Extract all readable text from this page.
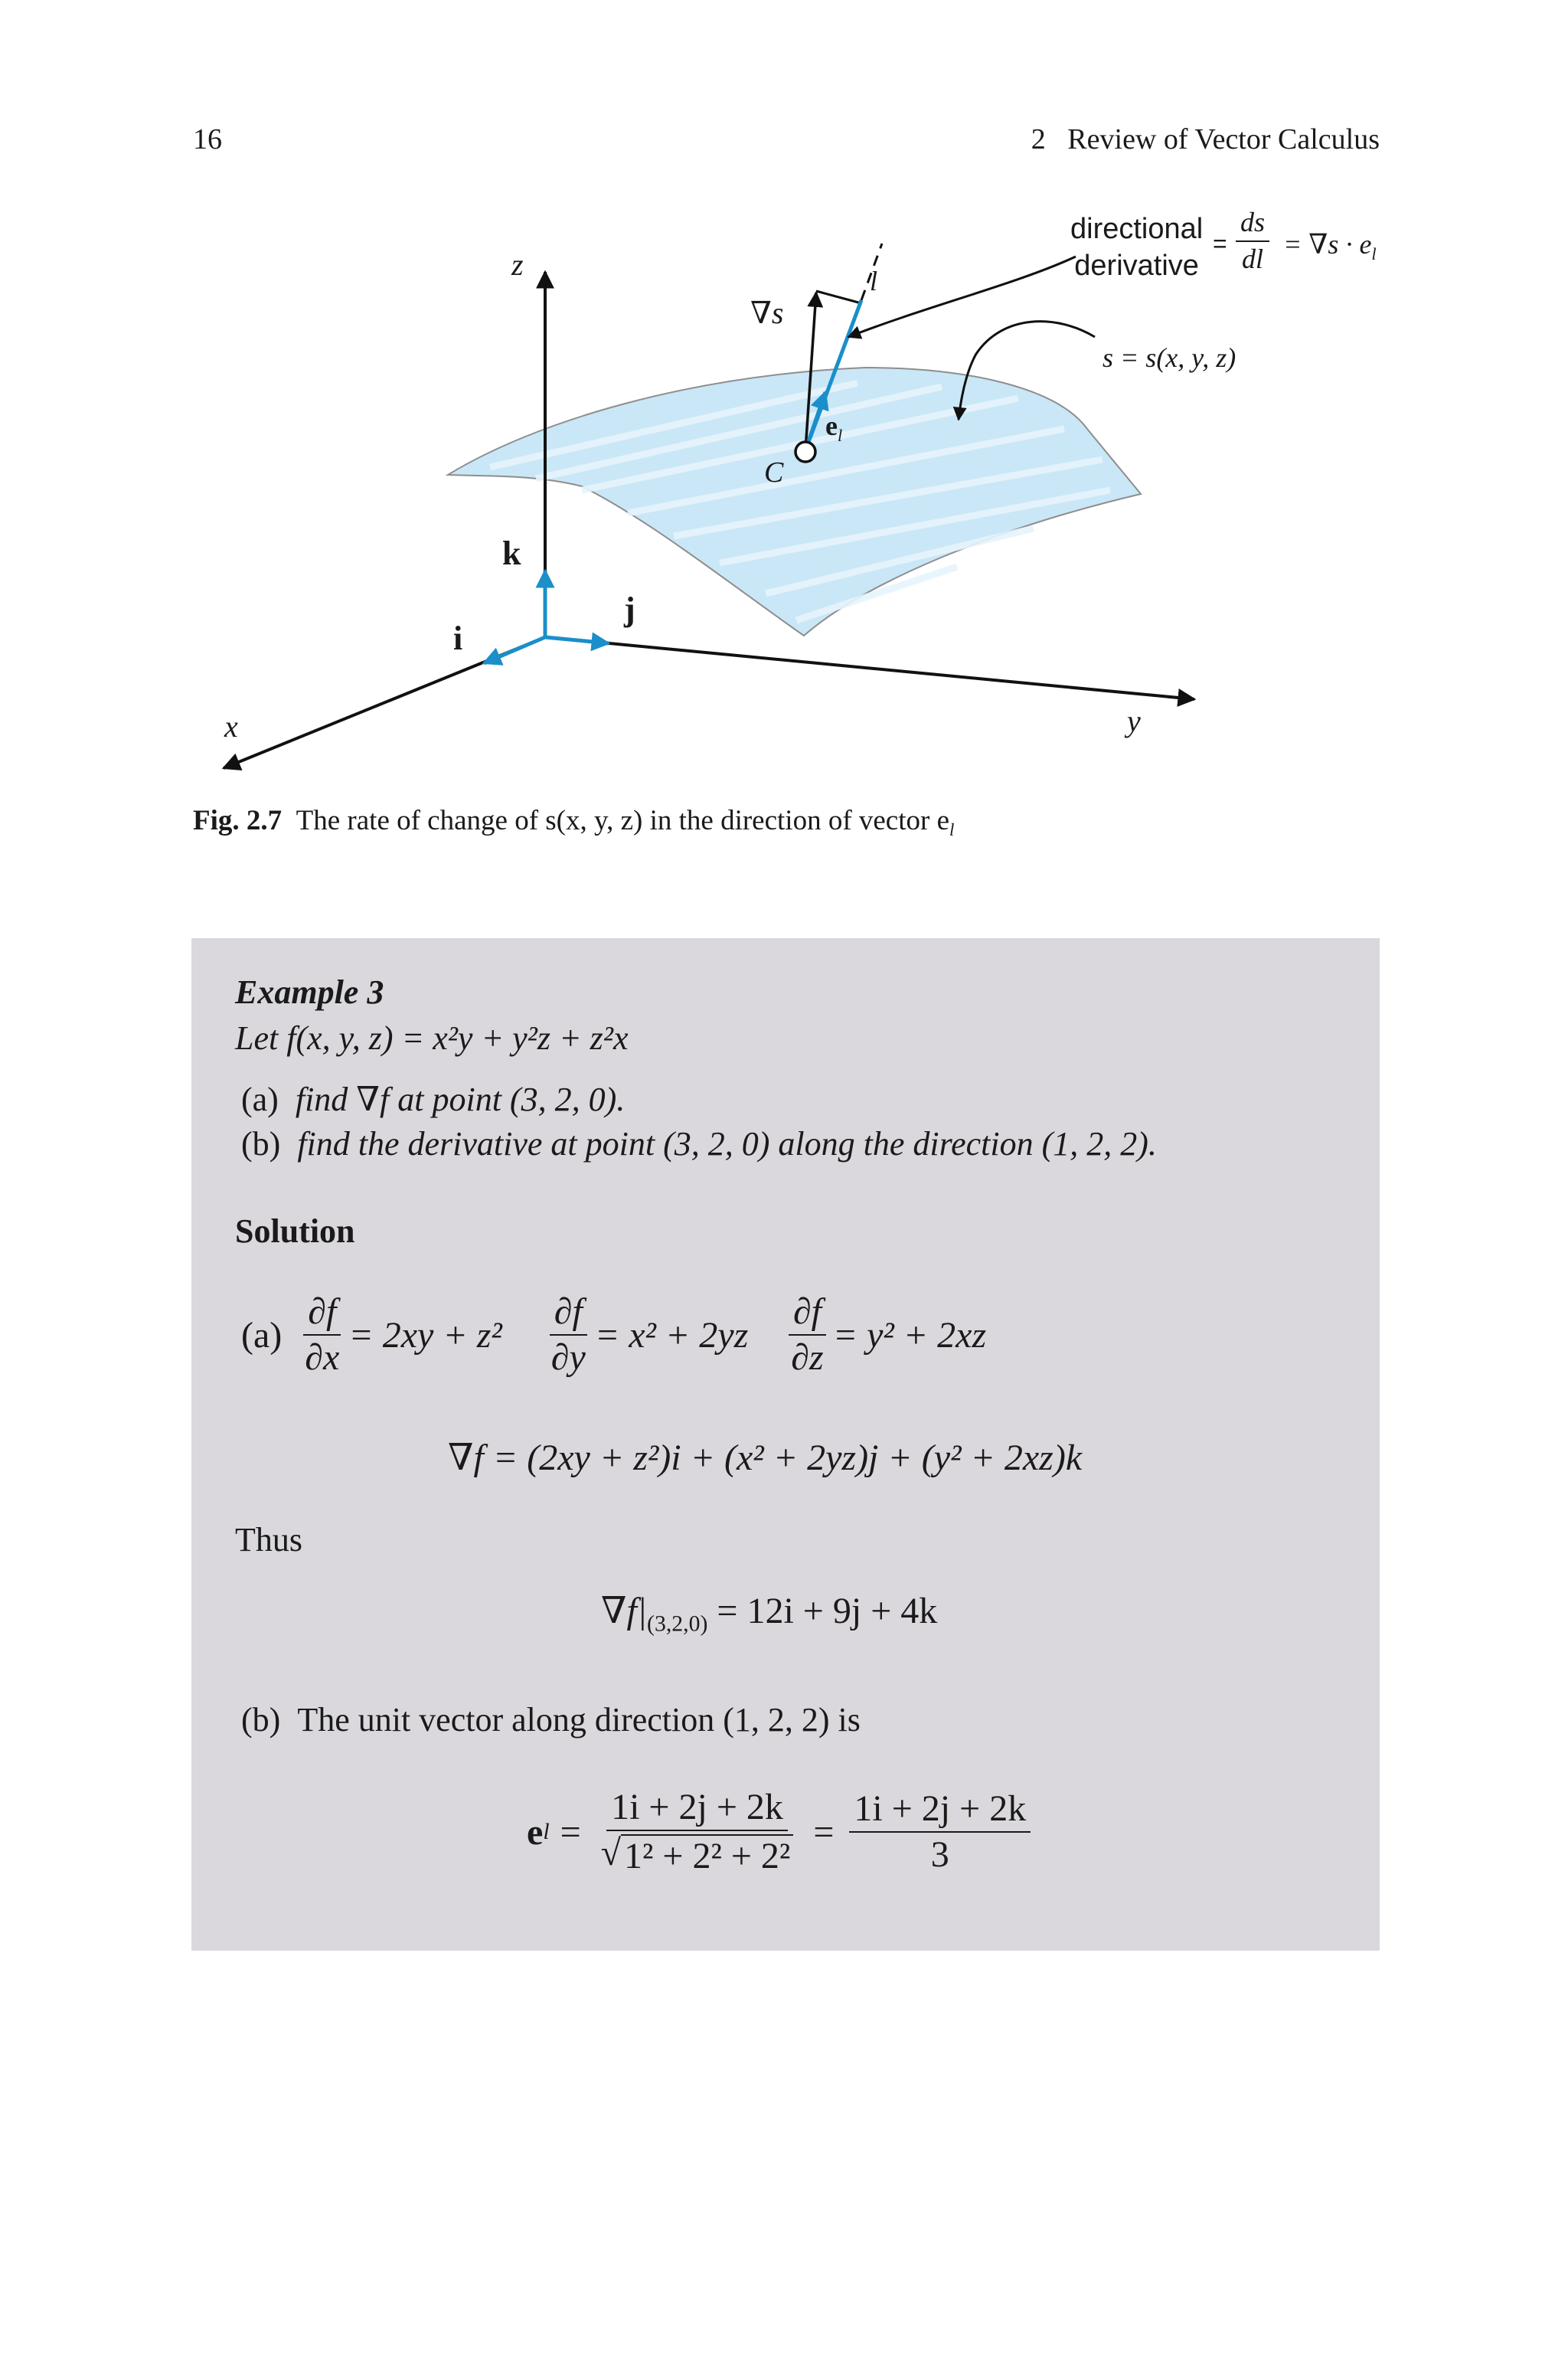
16	2   Review of Vector Calculus
z
x	y
k
i
j
∇s
l
$e_l$
C
directional
derivative
= $\frac{ds}{dl} = \nabla s \cdot e_l$
s = s(x, y, z)
Fig. 2.7 The rate of change of s(x, y, z) in the direction of vector $e_l$
Example 3
Let f(x, y, z) = x²y + y²z + z²x
(a) find ∇f at point (3, 2, 0).
(b) find the derivative at point (3, 2, 0) along the direction (1, 2, 2).
Solution
$(a) \frac{\partial f}{\partial x} = 2xy + z^2 \frac{\partial f}{\partial y} = x^2 + 2yz \frac{\partial f}{\partial z} = y^2 + 2xz$
∇f = (2xy + z²)i + (x² + 2yz)j + (y² + 2xz)k
Thus
$\nabla f|_{(3,2,0)} = 12i + 9j + 4k$
(b) The unit vector along direction (1, 2, 2) is
e $l = \frac{1i + 2j + 2k}{\text{√ 1² + 2² + 2²}} = \frac{1i + 2j + 2k}{3}$
